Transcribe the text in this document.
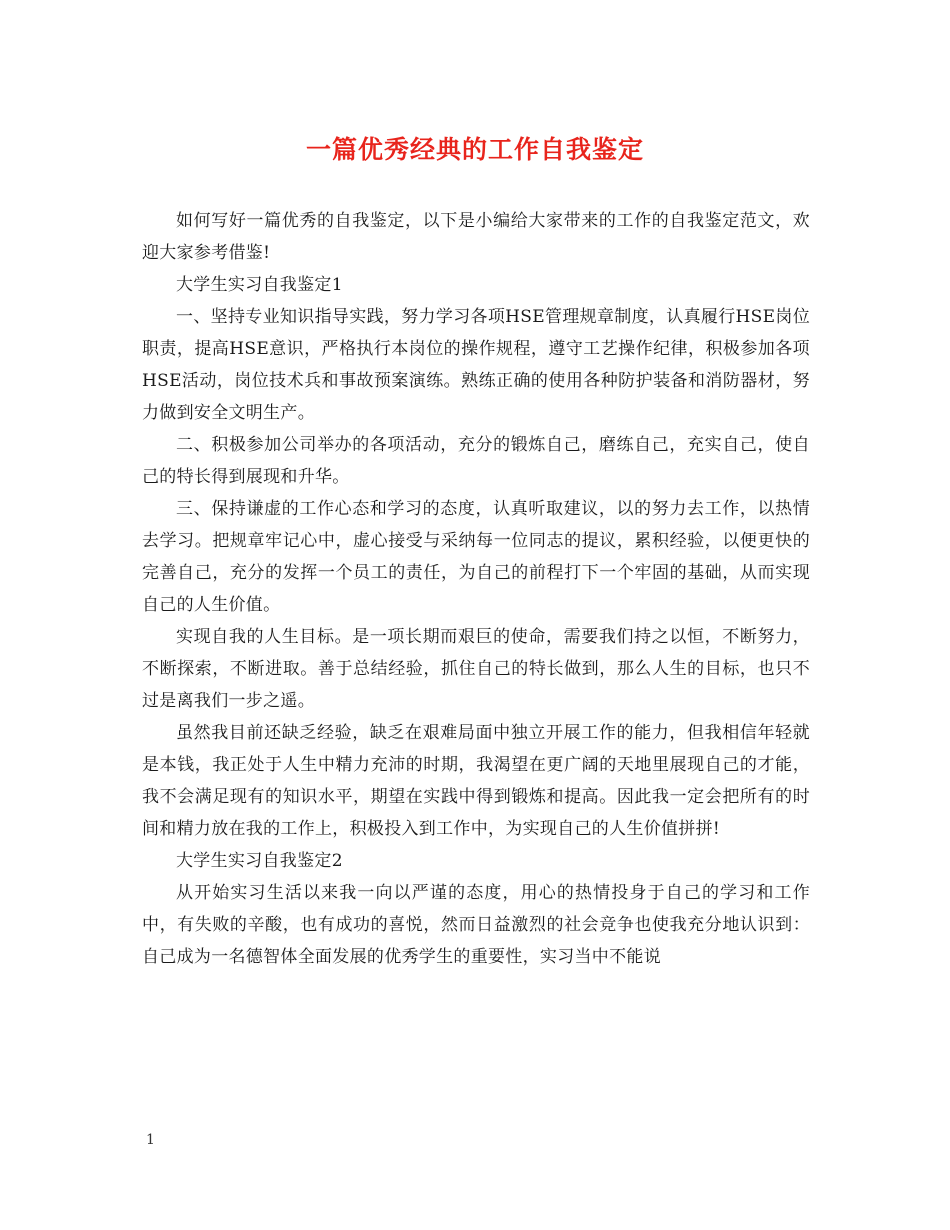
一篇优秀经典的工作自我鉴定

如何写好一篇优秀的自我鉴定，以下是小编给大家带来的工作的自我鉴定范文，欢迎大家参考借鉴!

大学生实习自我鉴定1

一、坚持专业知识指导实践，努力学习各项HSE管理规章制度，认真履行HSE岗位职责，提高HSE意识，严格执行本岗位的操作规程，遵守工艺操作纪律，积极参加各项HSE活动，岗位技术兵和事故预案演练。熟练正确的使用各种防护装备和消防器材，努力做到安全文明生产。

二、积极参加公司举办的各项活动，充分的锻炼自己，磨练自己，充实自己，使自己的特长得到展现和升华。

三、保持谦虚的工作心态和学习的态度，认真听取建议，以的努力去工作，以热情去学习。把规章牢记心中，虚心接受与采纳每一位同志的提议，累积经验，以便更快的完善自己，充分的发挥一个员工的责任，为自己的前程打下一个牢固的基础，从而实现自己的人生价值。

实现自我的人生目标。是一项长期而艰巨的使命，需要我们持之以恒，不断努力，不断探索，不断进取。善于总结经验，抓住自己的特长做到，那么人生的目标，也只不过是离我们一步之遥。

虽然我目前还缺乏经验，缺乏在艰难局面中独立开展工作的能力，但我相信年轻就是本钱，我正处于人生中精力充沛的时期，我渴望在更广阔的天地里展现自己的才能，我不会满足现有的知识水平，期望在实践中得到锻炼和提高。因此我一定会把所有的时间和精力放在我的工作上，积极投入到工作中，为实现自己的人生价值拼拼!

大学生实习自我鉴定2

从开始实习生活以来我一向以严谨的态度，用心的热情投身于自己的学习和工作中，有失败的辛酸，也有成功的喜悦，然而日益激烈的社会竞争也使我充分地认识到：自己成为一名德智体全面发展的优秀学生的重要性，实习当中不能说

1
